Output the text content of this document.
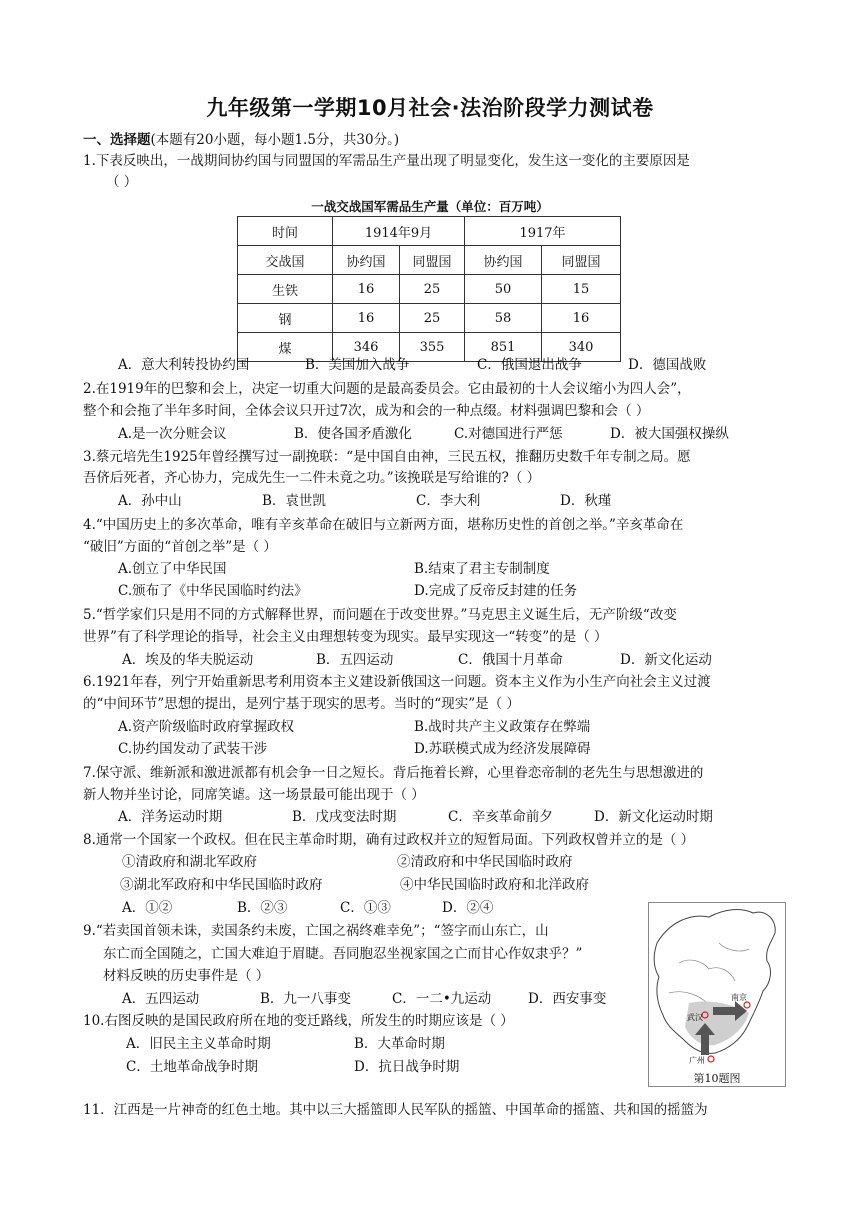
九年级第一学期10月社会·法治阶段学力测试卷
一、选择题(本题有20小题，每小题1.5分，共30分。)
1.下表反映出，一战期间协约国与同盟国的军需品生产量出现了明显变化，发生这一变化的主要原因是
（ ）
一战交战国军需品生产量（单位：百万吨）
时间	1914年9月		1917年	
交战国	协约国	同盟国	协约国	同盟国
生铁	16	25	50	15
钢	16	25	58	16
煤	346	355	851	340
A．意大利转投协约国	B．美国加入战争	C．俄国退出战争	D．德国战败
2.在1919年的巴黎和会上，决定一切重大问题的是最高委员会。它由最初的十人会议缩小为四人会”，
整个和会拖了半年多时间，全体会议只开过7次，成为和会的一种点缀。材料强调巴黎和会（ ）
A.是一次分赃会议	B．使各国矛盾激化	C.对德国进行严惩	D．被大国强权操纵
3.蔡元培先生1925年曾经撰写过一副挽联：“是中国自由神，三民五权，推翻历史数千年专制之局。愿
吾侪后死者，齐心协力，完成先生一二件未竟之功。”该挽联是写给谁的?（ ）
A．孙中山	B．袁世凯	C．李大利	D．秋瑾
4.“中国历史上的多次革命，唯有辛亥革命在破旧与立新两方面，堪称历史性的首创之举。”辛亥革命在
“破旧”方面的“首创之举”是（ ）
A.创立了中华民国	B.结束了君主专制制度
C.颁布了《中华民国临时约法》	D.完成了反帝反封建的任务
5.“哲学家们只是用不同的方式解释世界，而问题在于改变世界。”马克思主义诞生后，无产阶级“改变
世界”有了科学理论的指导，社会主义由理想转变为现实。最早实现这一“转变”的是（ ）
A．埃及的华夫脱运动	B．五四运动	C．俄国十月革命	D．新文化运动
6.1921年春，列宁开始重新思考利用资本主义建设新俄国这一问题。资本主义作为小生产向社会主义过渡
的“中间环节”思想的提出，是列宁基于现实的思考。当时的“现实”是（ ）
A.资产阶级临时政府掌握政权	B.战时共产主义政策存在弊端
C.协约国发动了武装干涉	D.苏联模式成为经济发展障碍
7.保守派、维新派和激进派都有机会争一日之短长。背后拖着长辫，心里眷恋帝制的老先生与思想激进的
新人物并坐讨论，同席笑谑。这一场景最可能出现于（ ）
A．洋务运动时期	B．戊戌变法时期	C．辛亥革命前夕	D．新文化运动时期
8.通常一个国家一个政权。但在民主革命时期，确有过政权并立的短暂局面。下列政权曾并立的是（ ）
①清政府和湖北军政府	②清政府和中华民国临时政府
③湖北军政府和中华民国临时政府	④中华民国临时政府和北洋政府
A．①②	B．②③	C．①③	D．②④
9.“若卖国首领未诛，卖国条约未废，亡国之祸终难幸免”；“签字而山东亡，山
东亡而全国随之，亡国大难迫于眉睫。吾同胞忍坐视家国之亡而甘心作奴隶乎？”
材料反映的历史事件是（ ）
A．五四运动	B．九一八事变	C．一二•九运动	D．西安事变
10.右图反映的是国民政府所在地的变迁路线，所发生的时期应该是（ ）
A．旧民主主义革命时期	B．大革命时期
C．土地革命战争时期	D．抗日战争时期
武汉
南京
广州
第10题图
11．江西是一片神奇的红色土地。其中以三大摇篮即人民军队的摇篮、中国革命的摇篮、共和国的摇篮为
